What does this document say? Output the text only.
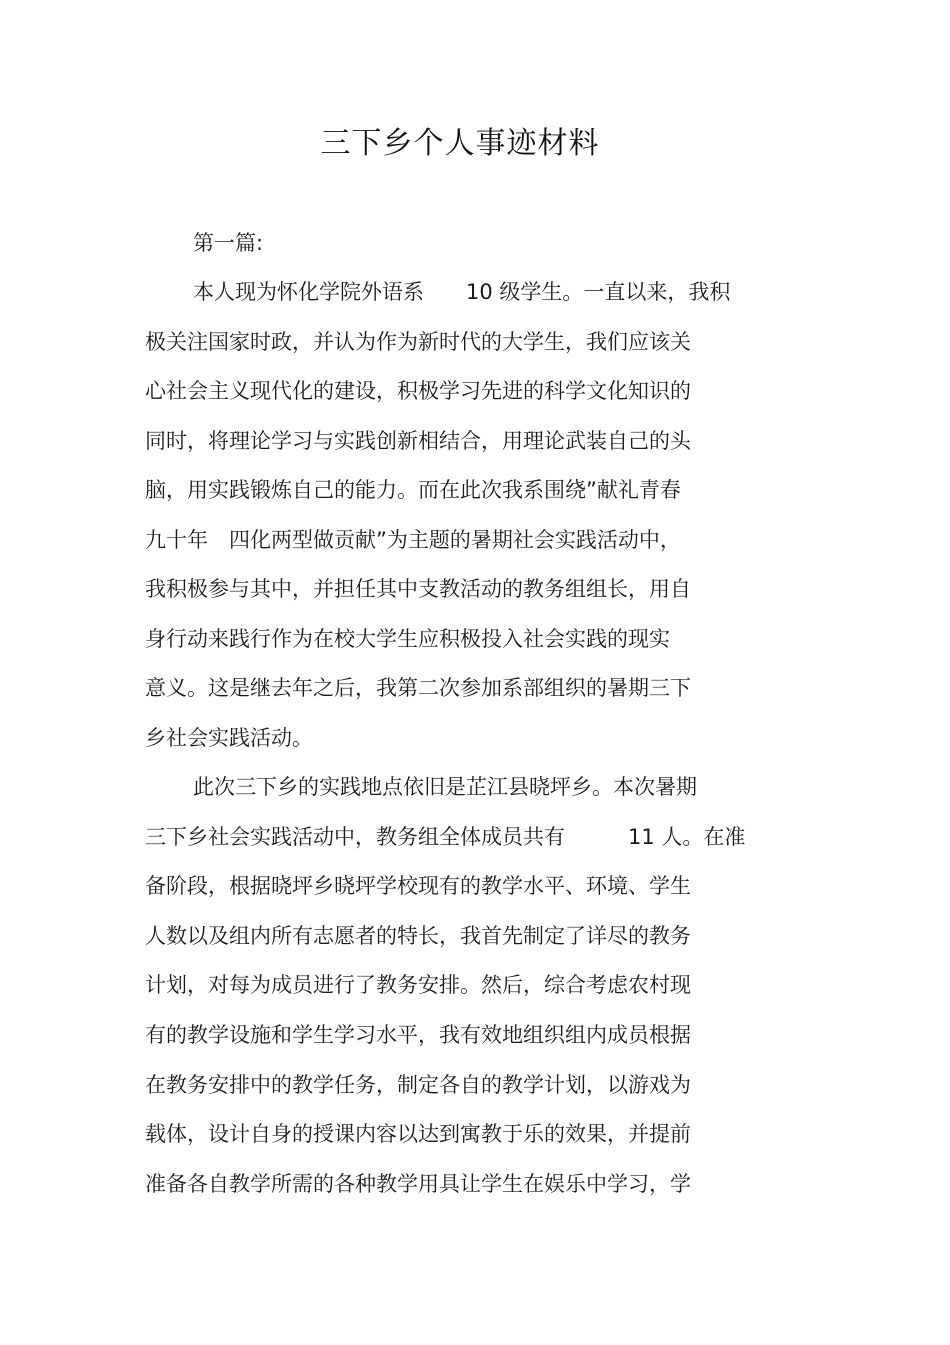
三下乡个人事迹材料
第一篇:
本人现为怀化学院外语系　　10 级学生。一直以来，我积
极关注国家时政，并认为作为新时代的大学生，我们应该关
心社会主义现代化的建设，积极学习先进的科学文化知识的
同时，将理论学习与实践创新相结合，用理论武装自己的头
脑，用实践锻炼自己的能力。而在此次我系围绕”献礼青春
九十年　四化两型做贡献”为主题的暑期社会实践活动中，
我积极参与其中，并担任其中支教活动的教务组组长，用自
身行动来践行作为在校大学生应积极投入社会实践的现实
意义。这是继去年之后，我第二次参加系部组织的暑期三下
乡社会实践活动。
此次三下乡的实践地点依旧是芷江县晓坪乡。本次暑期
三下乡社会实践活动中，教务组全体成员共有　　　11 人。在准
备阶段，根据晓坪乡晓坪学校现有的教学水平、环境、学生
人数以及组内所有志愿者的特长，我首先制定了详尽的教务
计划，对每为成员进行了教务安排。然后，综合考虑农村现
有的教学设施和学生学习水平，我有效地组织组内成员根据
在教务安排中的教学任务，制定各自的教学计划，以游戏为
载体，设计自身的授课内容以达到寓教于乐的效果，并提前
准备各自教学所需的各种教学用具让学生在娱乐中学习，学
